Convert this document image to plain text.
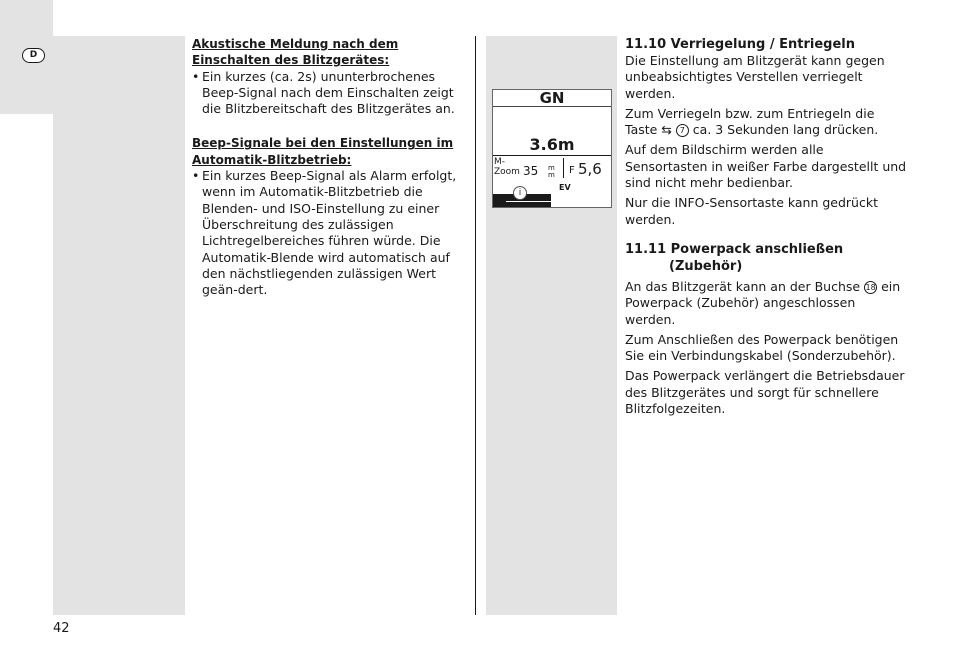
D
Akustische Meldung nach dem Einschalten des Blitzgerätes:
• Ein kurzes (ca. 2s) ununterbrochenes Beep-Signal nach dem Einschalten zeigt die Blitzbereitschaft des Blitzgerätes an.
Beep-Signale bei den Einstellungen im Automatik-Blitzbetrieb:
• Ein kurzes Beep-Signal als Alarm erfolgt, wenn im Automatik-Blitzbetrieb die Blenden- und ISO-Einstellung zu einer Überschreitung des zulässigen Lichtregelbereiches führen würde. Die Automatik-Blende wird automatisch auf den nächstliegenden zulässigen Wert geän-dert.
GN
3.6m
M-
Zoom 35 m
m F 5,6
i
EV
11.10 Verriegelung / Entriegeln

Die Einstellung am Blitzgerät kann gegen unbeabsichtigtes Verstellen verriegelt werden.

Zum Verriegeln bzw. zum Entriegeln die Taste ⇆ 7 ca. 3 Sekunden lang drücken.

Auf dem Bildschirm werden alle Sensortasten in weißer Farbe dargestellt und sind nicht mehr bedienbar.

Nur die INFO-Sensortaste kann gedrückt werden.

11.11 Powerpack anschließen
(Zubehör)

An das Blitzgerät kann an der Buchse 18 ein Powerpack (Zubehör) angeschlossen werden.

Zum Anschließen des Powerpack benötigen Sie ein Verbindungskabel (Sonderzubehör).

Das Powerpack verlängert die Betriebsdauer des Blitzgerätes und sorgt für schnellere Blitzfolgezeiten.

42
